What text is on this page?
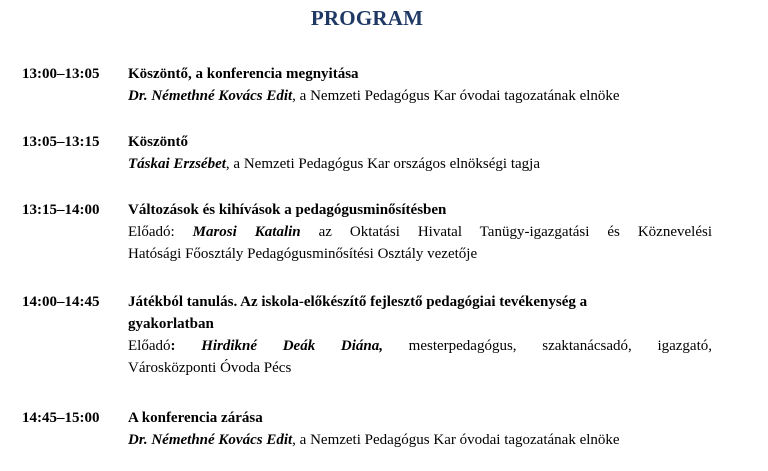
PROGRAM
13:00–13:05	Köszöntő, a konferencia megnyitása
Dr. Némethné Kovács Edit, a Nemzeti Pedagógus Kar óvodai tagozatának elnöke
13:05–13:15	Köszöntő
Táskai Erzsébet, a Nemzeti Pedagógus Kar országos elnökségi tagja
13:15–14:00	Változások és kihívások a pedagógusminősítésben
Előadó: Marosi Katalin az Oktatási Hivatal Tanügy-igazgatási és Köznevelési
Hatósági Főosztály Pedagógusminősítési Osztály vezetője
14:00–14:45	Játékból tanulás. Az iskola-előkészítő fejlesztő pedagógiai tevékenység a
gyakorlatban
Előadó: Hirdikné Deák Diána, mesterpedagógus, szaktanácsadó, igazgató,
Városközponti Óvoda Pécs
14:45–15:00	A konferencia zárása
Dr. Némethné Kovács Edit, a Nemzeti Pedagógus Kar óvodai tagozatának elnöke
